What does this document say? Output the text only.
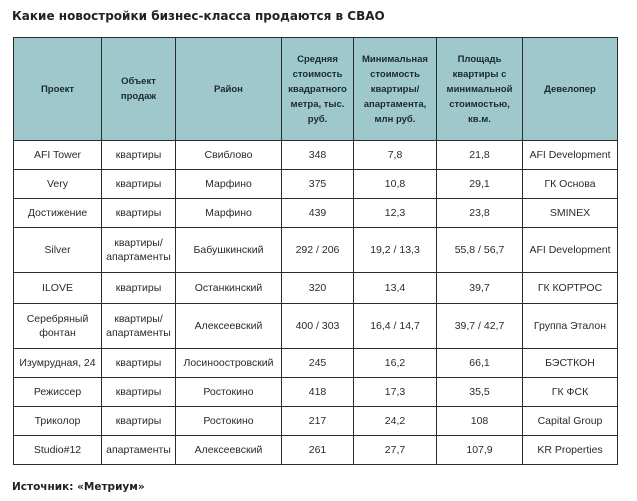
Какие новостройки бизнес-класса продаются в СВАО
Проект	Объект продаж	Район	Средняя стоимость квадратного метра, тыс. руб.	Минимальная стоимость квартиры/ апартамента, млн руб.	Площадь квартиры с минимальной стоимостью, кв.м.	Девелопер
AFI Tower	квартиры	Свиблово	348	7,8	21,8	AFI Development
Very	квартиры	Марфино	375	10,8	29,1	ГК Основа
Достижение	квартиры	Марфино	439	12,3	23,8	SMINEX
Silver	квартиры/ апартаменты	Бабушкинский	292 / 206	19,2 / 13,3	55,8 / 56,7	AFI Development
ILOVE	квартиры	Останкинский	320	13,4	39,7	ГК КОРТРОС
Серебряный фонтан	квартиры/ апартаменты	Алексеевский	400 / 303	16,4 / 14,7	39,7 / 42,7	Группа Эталон
Изумрудная, 24	квартиры	Лосиноостровский	245	16,2	66,1	БЭСТКОН
Режиссер	квартиры	Ростокино	418	17,3	35,5	ГК ФСК
Триколор	квартиры	Ростокино	217	24,2	108	Capital Group
Studio#12	апартаменты	Алексеевский	261	27,7	107,9	KR Properties

Источник: «Метриум»
